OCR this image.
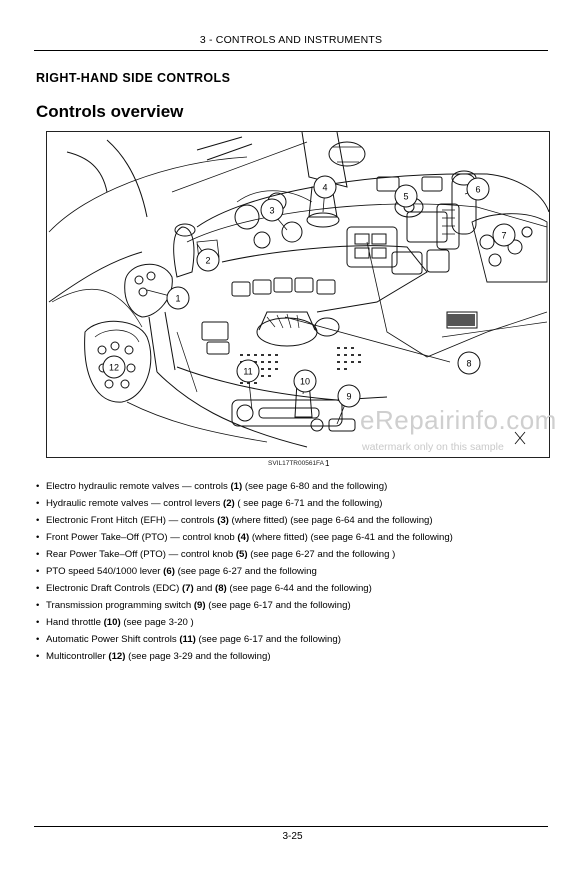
3 - CONTROLS AND INSTRUMENTS
RIGHT-HAND SIDE CONTROLS
Controls overview
1
2
3
4
5
6
7
8
9
10
11
12
eRepairinfo.com
watermark only on this sample
SVIL17TR00561FA 1
• Electro hydraulic remote valves — controls (1) (see page 6-80 and the following)
• Hydraulic remote valves — control levers (2) ( see page 6-71 and the following)
• Electronic Front Hitch (EFH) — controls (3) (where fitted) (see page 6-64 and the following)
• Front Power Take–Off (PTO) — control knob (4) (where fitted) (see page 6-41 and the following)
• Rear Power Take–Off (PTO) — control knob (5) (see page 6-27 and the following )
• PTO speed 540/1000 lever (6) (see page 6-27 and the following
• Electronic Draft Controls (EDC) (7) and (8) (see page 6-44 and the following)
• Transmission programming switch (9) (see page 6-17 and the following)
• Hand throttle (10) (see page 3-20 )
• Automatic Power Shift controls (11) (see page 6-17 and the following)
• Multicontroller (12) (see page 3-29 and the following)
3-25
